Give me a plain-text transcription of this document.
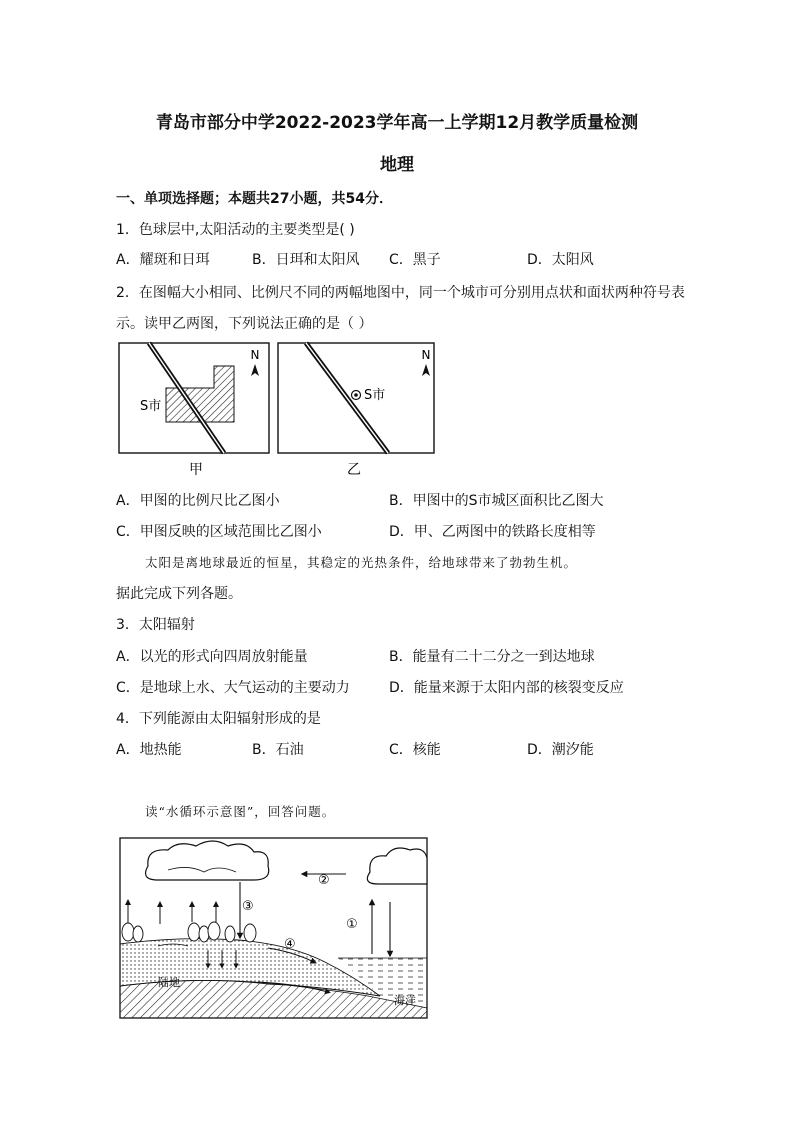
青岛市部分中学2022-2023学年高一上学期12月教学质量检测
地理
一、单项选择题；本题共27小题，共54分．
1．色球层中,太阳活动的主要类型是( )
A．耀斑和日珥	B．日珥和太阳风 C．黑子	D．太阳风
2．在图幅大小相同、比例尺不同的两幅地图中，同一个城市可分别用点状和面状两种符号表
示。读甲乙两图，下列说法正确的是（ ）
N
S市
S市
N
甲	乙
A．甲图的比例尺比乙图小	B．甲图中的S市城区面积比乙图大
C．甲图反映的区域范围比乙图小	D．甲、乙两图中的铁路长度相等
太阳是离地球最近的恒星，其稳定的光热条件，给地球带来了勃勃生机。
据此完成下列各题。
3．太阳辐射
A．以光的形式向四周放射能量	B．能量有二十二分之一到达地球
C．是地球上水、大气运动的主要动力	D．能量来源于太阳内部的核裂变反应
4．下列能源由太阳辐射形成的是
A．地热能	B．石油	C．核能	D．潮汐能
读“水循环示意图”，回答问题。
②
③
①
④
陆地
海洋
